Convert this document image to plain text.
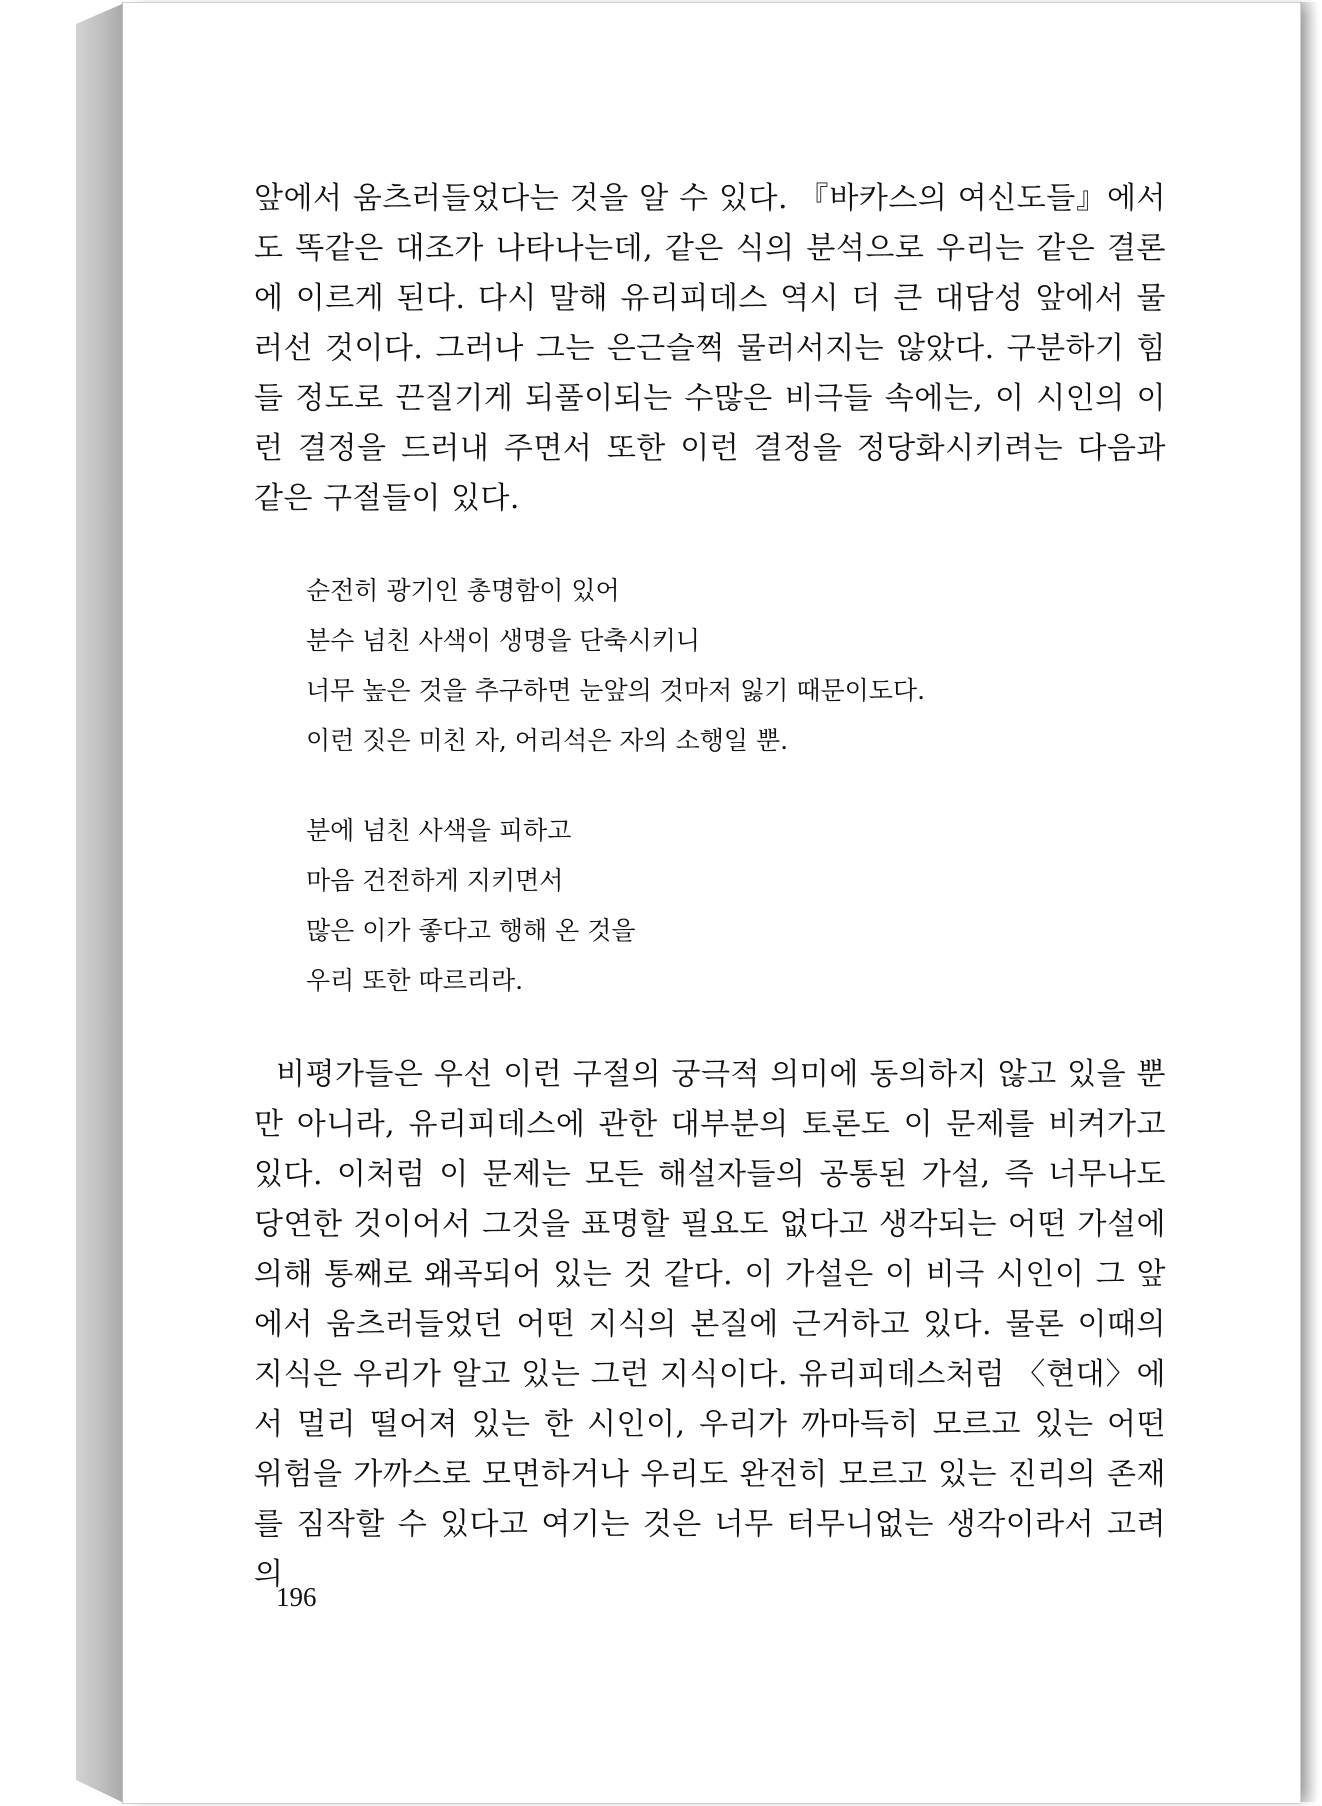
앞에서 움츠러들었다는 것을 알 수 있다. 『바카스의 여신도들』에서도 똑같은 대조가 나타나는데, 같은 식의 분석으로 우리는 같은 결론에 이르게 된다. 다시 말해 유리피데스 역시 더 큰 대담성 앞에서 물러선 것이다. 그러나 그는 은근슬쩍 물러서지는 않았다. 구분하기 힘들 정도로 끈질기게 되풀이되는 수많은 비극들 속에는, 이 시인의 이런 결정을 드러내 주면서 또한 이런 결정을 정당화시키려는 다음과 같은 구절들이 있다.

순전히 광기인 총명함이 있어
분수 넘친 사색이 생명을 단축시키니
너무 높은 것을 추구하면 눈앞의 것마저 잃기 때문이도다.
이런 짓은 미친 자, 어리석은 자의 소행일 뿐.
분에 넘친 사색을 피하고
마음 건전하게 지키면서
많은 이가 좋다고 행해 온 것을
우리 또한 따르리라.

비평가들은 우선 이런 구절의 궁극적 의미에 동의하지 않고 있을 뿐만 아니라, 유리피데스에 관한 대부분의 토론도 이 문제를 비켜가고 있다. 이처럼 이 문제는 모든 해설자들의 공통된 가설, 즉 너무나도 당연한 것이어서 그것을 표명할 필요도 없다고 생각되는 어떤 가설에 의해 통째로 왜곡되어 있는 것 같다. 이 가설은 이 비극 시인이 그 앞에서 움츠러들었던 어떤 지식의 본질에 근거하고 있다. 물론 이때의 지식은 우리가 알고 있는 그런 지식이다. 유리피데스처럼 〈현대〉에서 멀리 떨어져 있는 한 시인이, 우리가 까마득히 모르고 있는 어떤 위험을 가까스로 모면하거나 우리도 완전히 모르고 있는 진리의 존재를 짐작할 수 있다고 여기는 것은 너무 터무니없는 생각이라서 고려의

196
